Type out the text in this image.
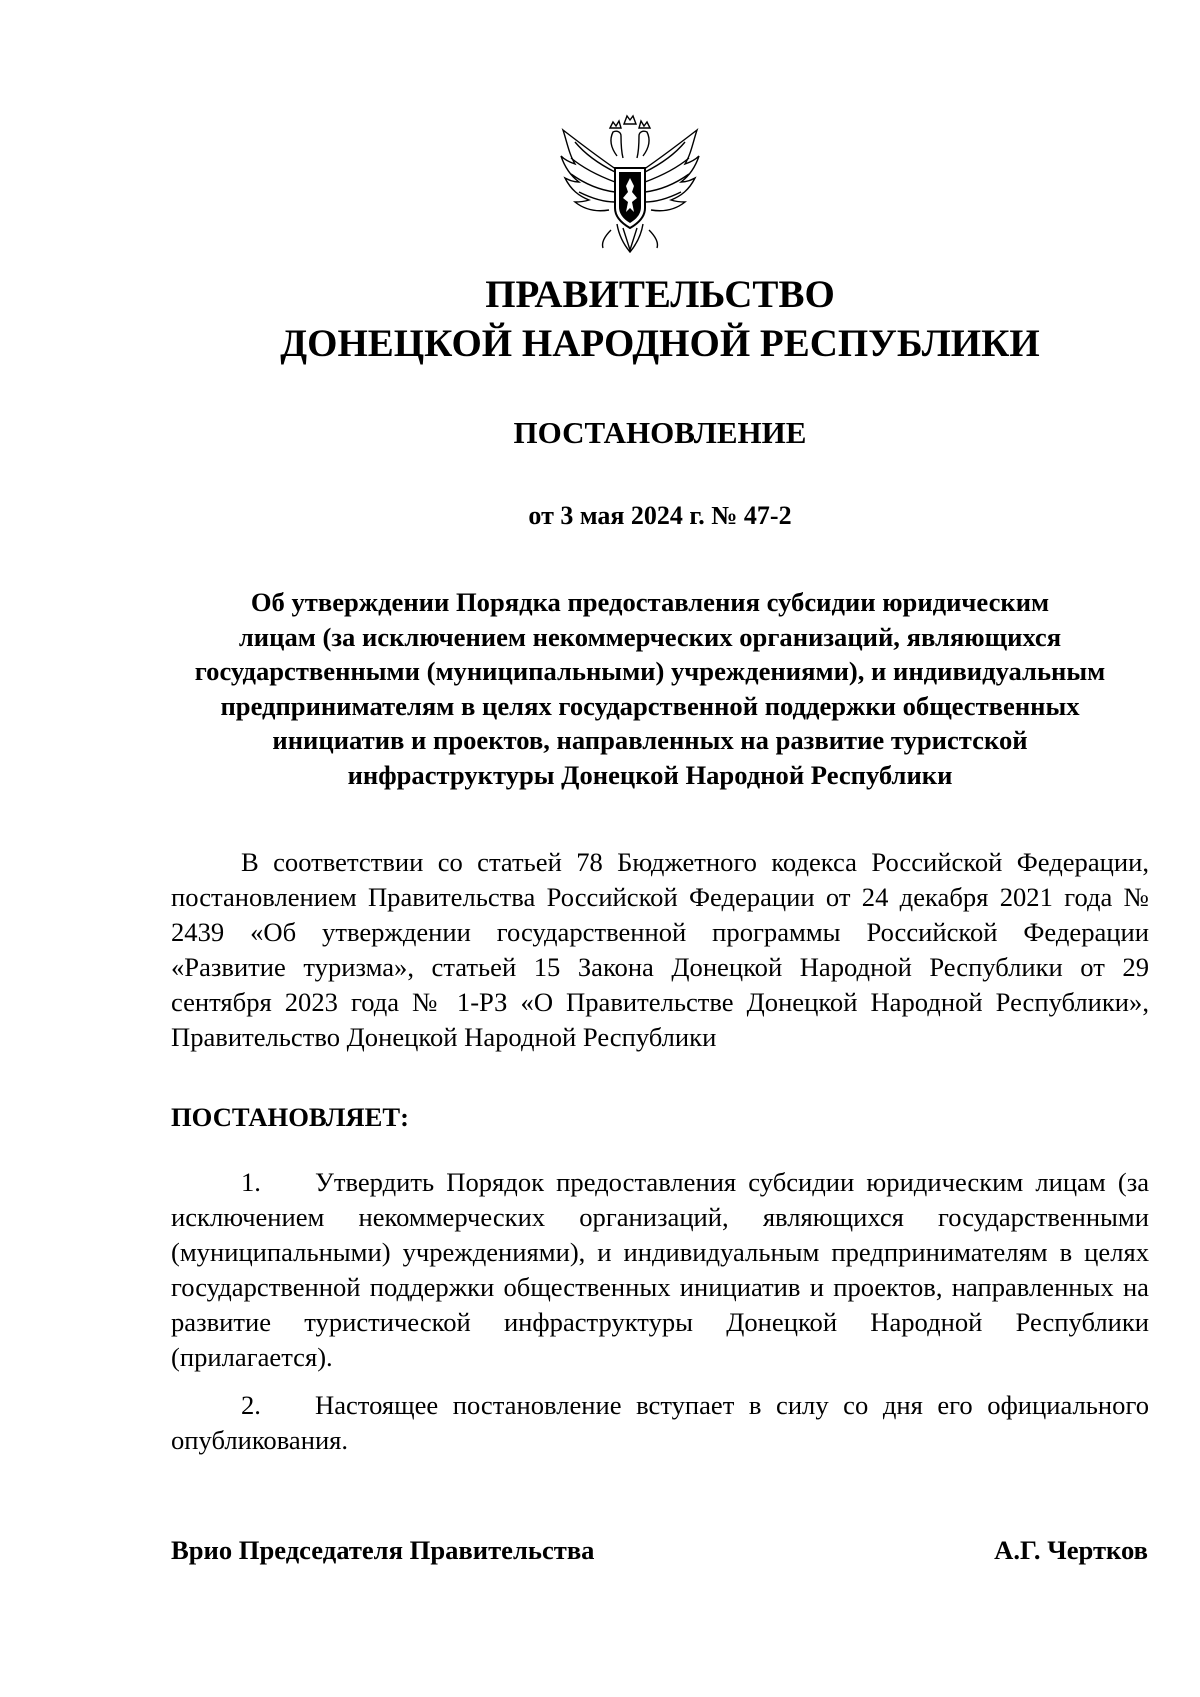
ПРАВИТЕЛЬСТВО
ДОНЕЦКОЙ НАРОДНОЙ РЕСПУБЛИКИ
ПОСТАНОВЛЕНИЕ
от 3 мая 2024 г. № 47-2
Об утверждении Порядка предоставления субсидии юридическим
лицам (за исключением некоммерческих организаций, являющихся
государственными (муниципальными) учреждениями), и индивидуальным
предпринимателям в целях государственной поддержки общественных
инициатив и проектов, направленных на развитие туристской
инфраструктуры Донецкой Народной Республики
В соответствии со статьей 78 Бюджетного кодекса Российской Федерации, постановлением Правительства Российской Федерации от 24 декабря 2021 года № 2439 «Об утверждении государственной программы Российской Федерации «Развитие туризма», статьей 15 Закона Донецкой Народной Республики от 29 сентября 2023 года № 1-РЗ «О Правительстве Донецкой Народной Республики», Правительство Донецкой Народной Республики
ПОСТАНОВЛЯЕТ:
1. Утвердить Порядок предоставления субсидии юридическим лицам (за исключением некоммерческих организаций, являющихся государственными (муниципальными) учреждениями), и индивидуальным предпринимателям в целях государственной поддержки общественных инициатив и проектов, направленных на развитие туристической инфраструктуры Донецкой Народной Республики (прилагается).
2. Настоящее постановление вступает в силу со дня его официального опубликования.
Врио Председателя Правительства	А.Г. Чертков
